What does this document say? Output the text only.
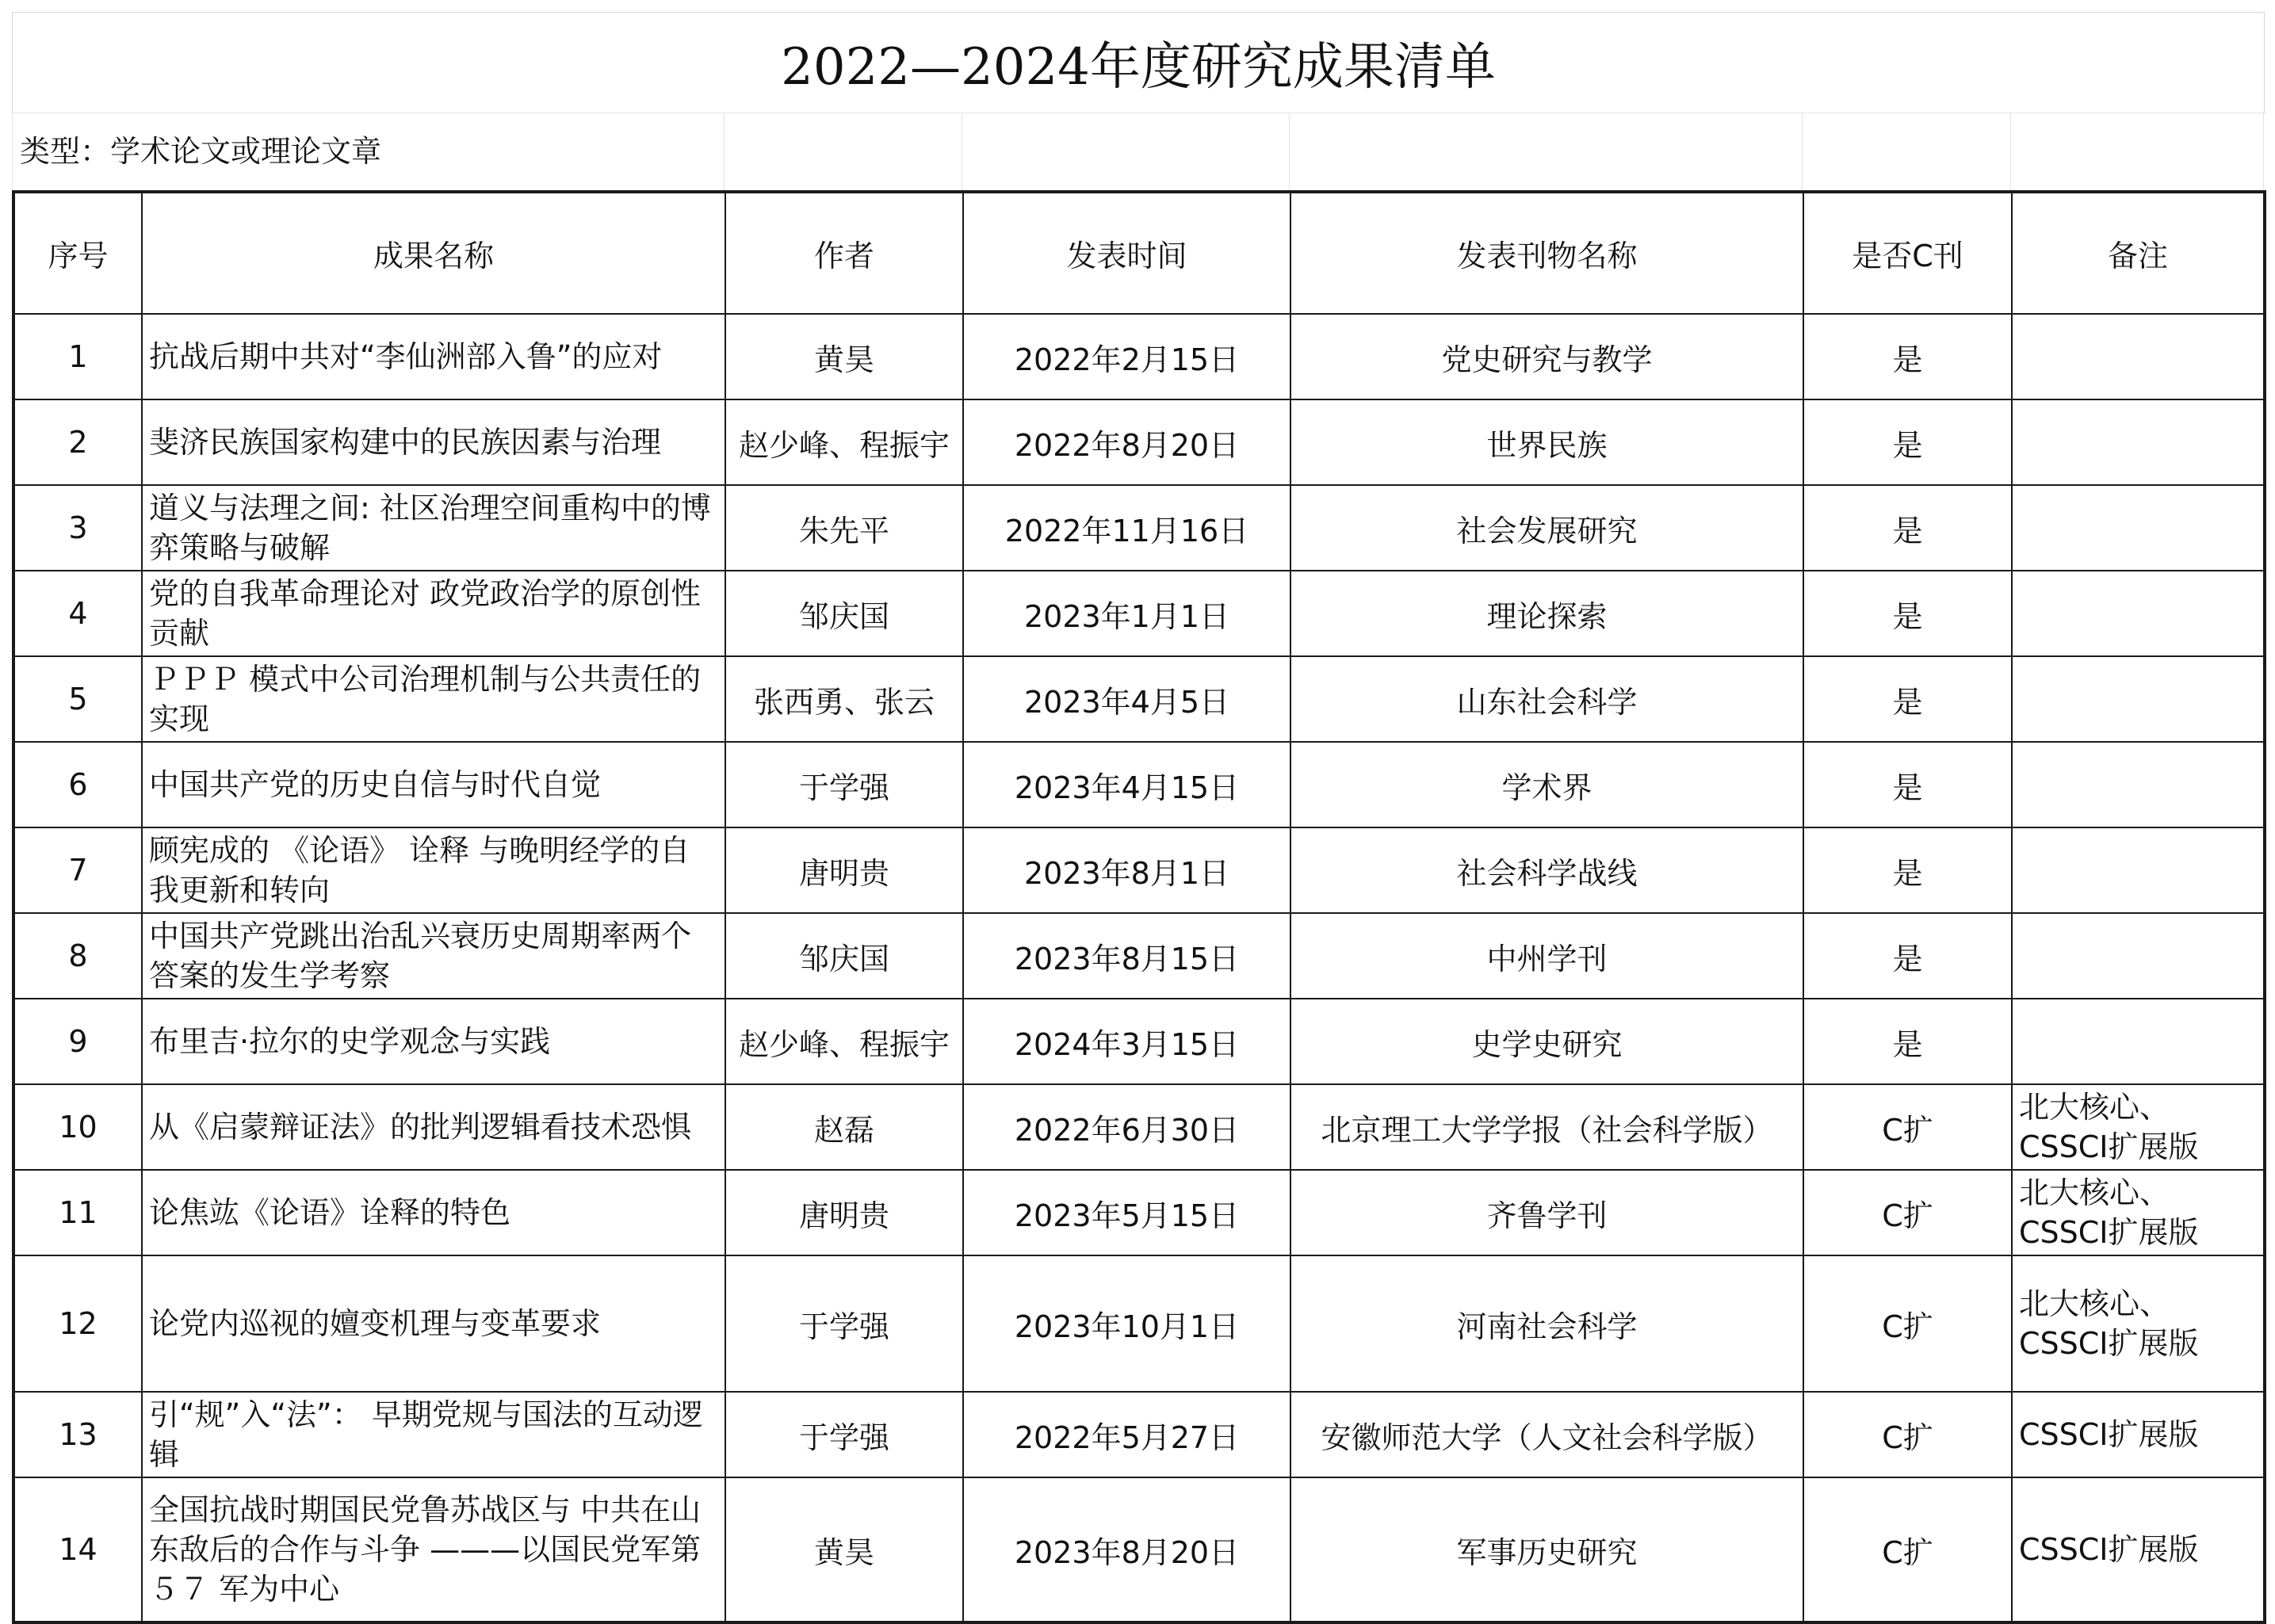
2022—2024年度研究成果清单
类型：学术论文或理论文章
序号	成果名称	作者	发表时间	发表刊物名称	是否C刊	备注
1	抗战后期中共对“李仙洲部入鲁”的应对	黄昊	2022年2月15日	党史研究与教学	是	
2	斐济民族国家构建中的民族因素与治理	赵少峰、程振宇	2022年8月20日	世界民族	是	
3	道义与法理之间: 社区治理空间重构中的博弈策略与破解	朱先平	2022年11月16日	社会发展研究	是	
4	党的自我革命理论对 政党政治学的原创性贡献	邹庆国	2023年1月1日	理论探索	是	
5	ＰＰＰ 模式中公司治理机制与公共责任的实现	张西勇、张云	2023年4月5日	山东社会科学	是	
6	中国共产党的历史自信与时代自觉	于学强	2023年4月15日	学术界	是	
7	顾宪成的 《论语》 诠释 与晚明经学的自我更新和转向	唐明贵	2023年8月1日	社会科学战线	是	
8	中国共产党跳出治乱兴衰历史周期率两个答案的发生学考察	邹庆国	2023年8月15日	中州学刊	是	
9	布里吉·拉尔的史学观念与实践	赵少峰、程振宇	2024年3月15日	史学史研究	是	
10	从《启蒙辩证法》的批判逻辑看技术恐惧	赵磊	2022年6月30日	北京理工大学学报（社会科学版）	C扩	北大核心、CSSCI扩展版
11	论焦竑《论语》诠释的特色	唐明贵	2023年5月15日	齐鲁学刊	C扩	北大核心、CSSCI扩展版
12	论党内巡视的嬗变机理与变革要求	于学强	2023年10月1日	河南社会科学	C扩	北大核心、CSSCI扩展版
13	引“规”入“法”： 早期党规与国法的互动逻辑	于学强	2022年5月27日	安徽师范大学（人文社会科学版）	C扩	CSSCI扩展版
14	全国抗战时期国民党鲁苏战区与 中共在山东敌后的合作与斗争 ———以国民党军第 ５７ 军为中心	黄昊	2023年8月20日	军事历史研究	C扩	CSSCI扩展版
